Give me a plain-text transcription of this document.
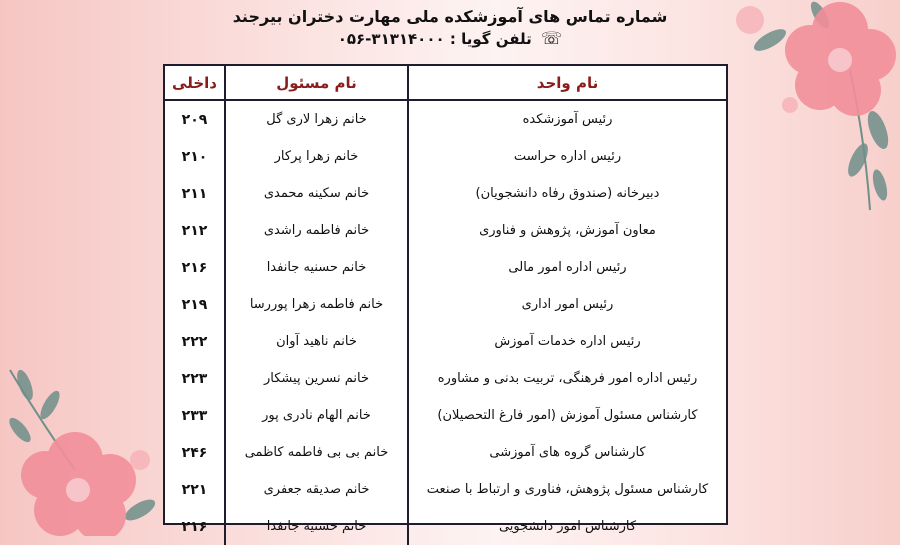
شماره تماس های آموزشکده ملی مهارت دختران بیرجند
☏ تلفن گویا : ۰۵۶-۳۱۳۱۴۰۰۰
نام واحد	نام مسئول	داخلی
رئیس آموزشکده	خانم زهرا لاری گل	۲۰۹
رئیس اداره حراست	خانم زهرا پرکار	۲۱۰
دبیرخانه (صندوق رفاه دانشجویان)	خانم سکینه محمدی	۲۱۱
معاون آموزش، پژوهش و فناوری	خانم فاطمه راشدی	۲۱۲
رئیس اداره امور مالی	خانم حسنیه جانفدا	۲۱۶
رئیس امور اداری	خانم فاطمه زهرا پوررسا	۲۱۹
رئیس اداره خدمات آموزش	خانم ناهید آوان	۲۲۲
رئیس اداره امور فرهنگی، تربیت بدنی و مشاوره	خانم نسرین پیشکار	۲۲۳
کارشناس مسئول آموزش (امور فارغ التحصیلان)	خانم الهام نادری پور	۲۳۳
کارشناس گروه های آموزشی	خانم بی بی فاطمه کاظمی	۲۴۶
کارشناس مسئول پژوهش، فناوری و ارتباط با صنعت	خانم صدیقه جعفری	۲۲۱
کارشناس امور دانشجویی	خانم حسنیه جانفدا	۲۱۶
